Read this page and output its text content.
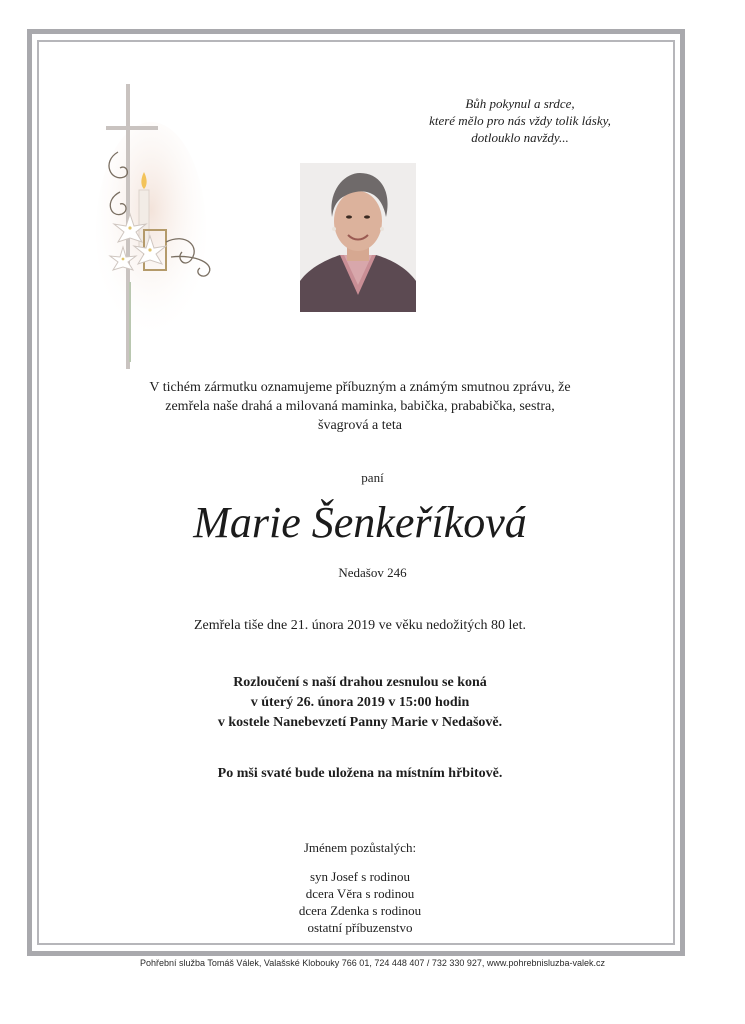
Bůh pokynul a srdce,
které mělo pro nás vždy tolik lásky,
dotlouklo navždy...
V tichém zármutku oznamujeme příbuzným a známým smutnou zprávu, že
zemřela naše drahá a milovaná maminka, babička, prababička, sestra,
švagrová a teta
paní
Marie Šenkeříková
Nedašov 246
Zemřela tiše dne 21. února 2019 ve věku nedožitých 80 let.
Rozloučení s naší drahou zesnulou se koná
v úterý 26. února 2019 v 15:00 hodin
v kostele Nanebevzetí Panny Marie v Nedašově.
Po mši svaté bude uložena na místním hřbitově.
Jménem pozůstalých:
syn Josef s rodinou
dcera Věra s rodinou
dcera Zdenka s rodinou
ostatní příbuzenstvo
Pohřební služba Tomáš Válek, Valašské Klobouky 766 01, 724 448 407 / 732 330 927, www.pohrebnisluzba-valek.cz
